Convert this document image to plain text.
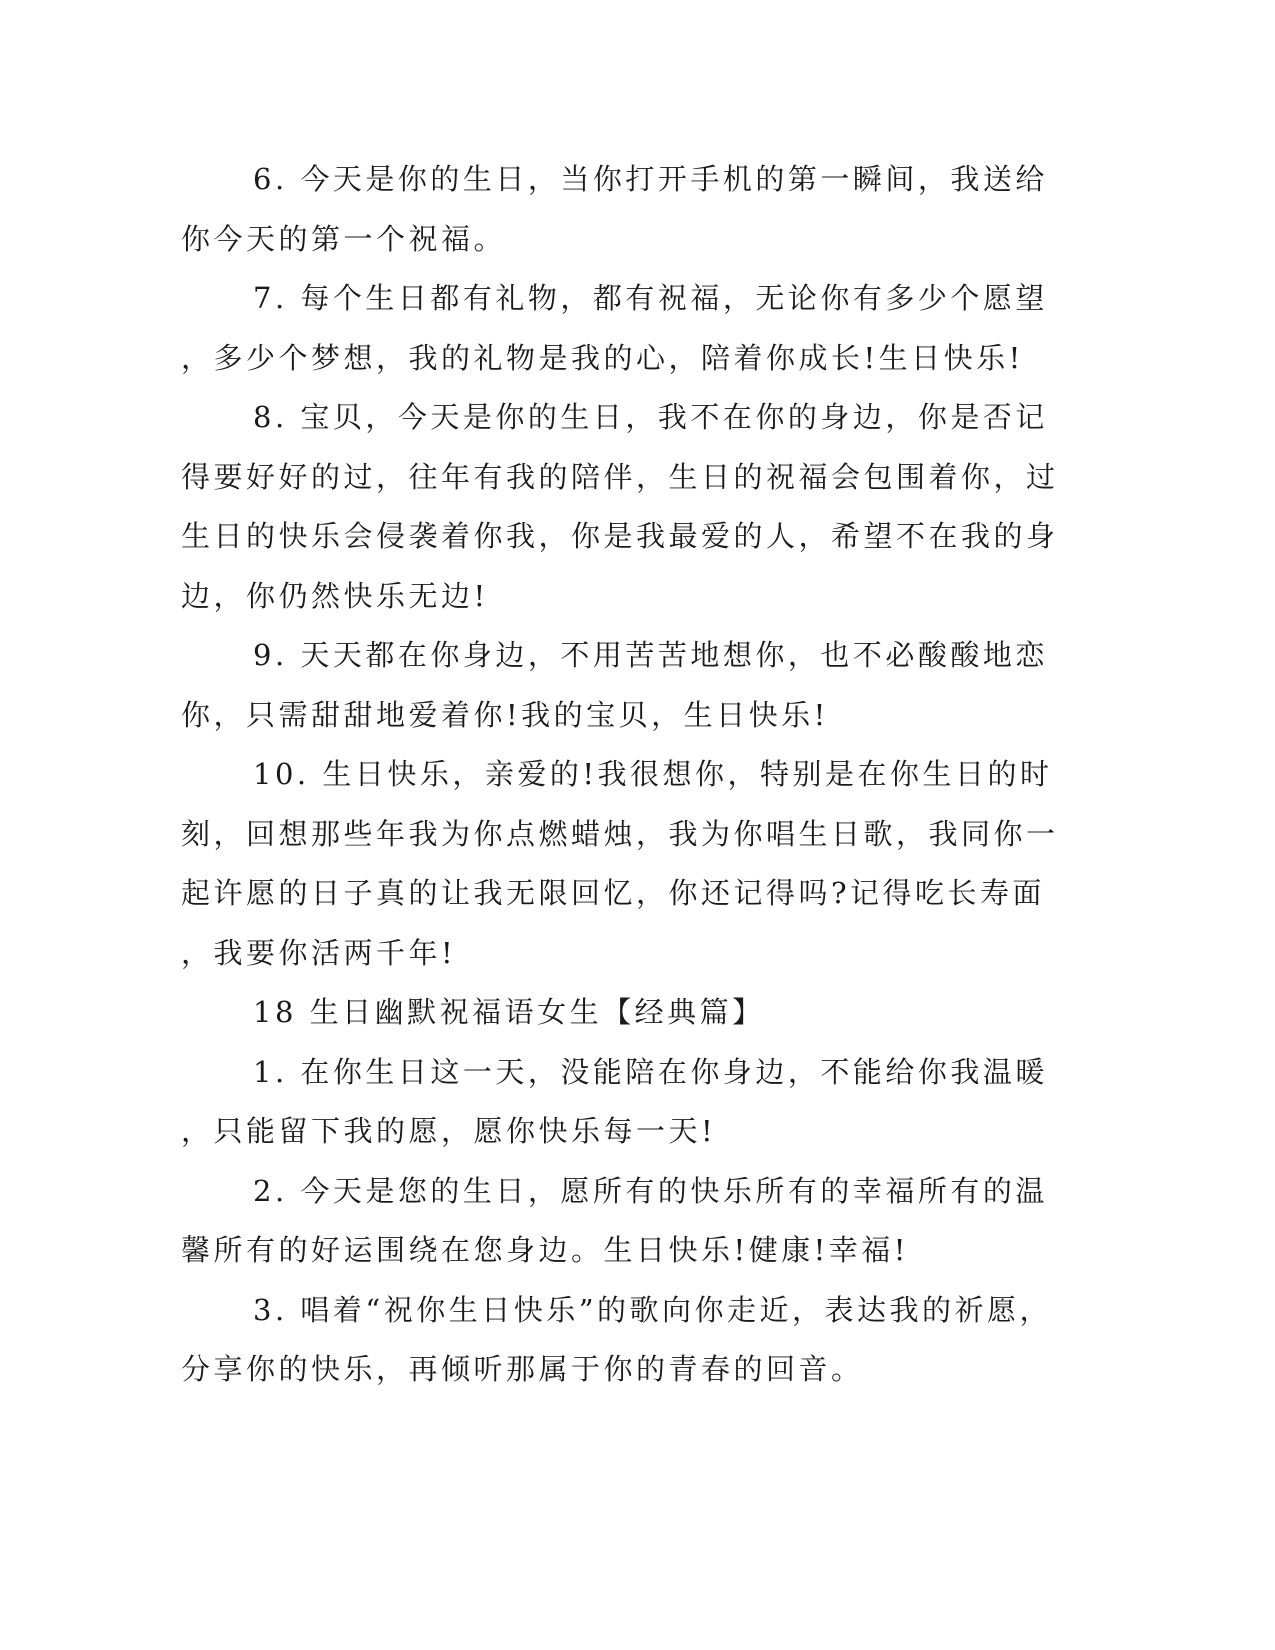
6. 今天是你的生日，当你打开手机的第一瞬间，我送给
你今天的第一个祝福。

7. 每个生日都有礼物，都有祝福，无论你有多少个愿望
，多少个梦想，我的礼物是我的心，陪着你成长!生日快乐!

8. 宝贝，今天是你的生日，我不在你的身边，你是否记
得要好好的过，往年有我的陪伴，生日的祝福会包围着你，过
生日的快乐会侵袭着你我，你是我最爱的人，希望不在我的身
边，你仍然快乐无边!

9. 天天都在你身边，不用苦苦地想你，也不必酸酸地恋
你，只需甜甜地爱着你!我的宝贝，生日快乐!

10. 生日快乐，亲爱的!我很想你，特别是在你生日的时
刻，回想那些年我为你点燃蜡烛，我为你唱生日歌，我同你一
起许愿的日子真的让我无限回忆，你还记得吗?记得吃长寿面
，我要你活两千年!

18 生日幽默祝福语女生【经典篇】

1. 在你生日这一天，没能陪在你身边，不能给你我温暖
，只能留下我的愿，愿你快乐每一天!

2. 今天是您的生日，愿所有的快乐所有的幸福所有的温
馨所有的好运围绕在您身边。生日快乐!健康!幸福!

3. 唱着“祝你生日快乐”的歌向你走近，表达我的祈愿，
分享你的快乐，再倾听那属于你的青春的回音。
